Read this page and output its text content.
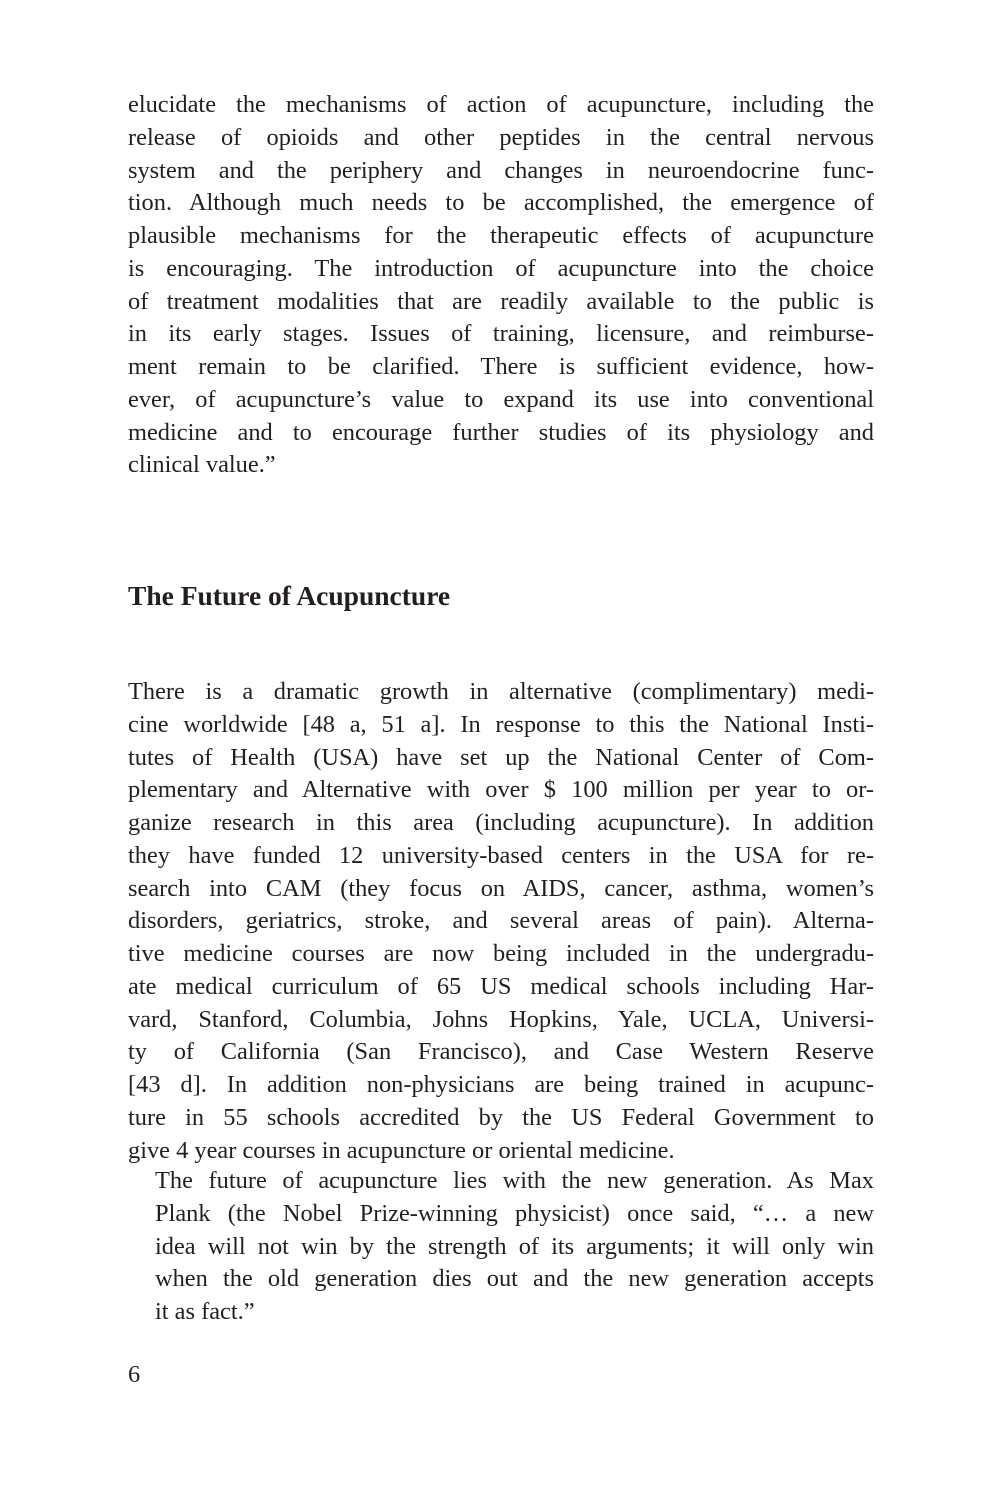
elucidate the mechanisms of action of acupuncture, including the
release of opioids and other peptides in the central nervous
system and the periphery and changes in neuroendocrine func-
tion. Although much needs to be accomplished, the emergence of
plausible mechanisms for the therapeutic effects of acupuncture
is encouraging. The introduction of acupuncture into the choice
of treatment modalities that are readily available to the public is
in its early stages. Issues of training, licensure, and reimburse-
ment remain to be clarified. There is sufficient evidence, how-
ever, of acupuncture’s value to expand its use into conventional
medicine and to encourage further studies of its physiology and
clinical value.”
The Future of Acupuncture
There is a dramatic growth in alternative (complimentary) medi-
cine worldwide [48 a, 51 a]. In response to this the National Insti-
tutes of Health (USA) have set up the National Center of Com-
plementary and Alternative with over $ 100 million per year to or-
ganize research in this area (including acupuncture). In addition
they have funded 12 university-based centers in the USA for re-
search into CAM (they focus on AIDS, cancer, asthma, women’s
disorders, geriatrics, stroke, and several areas of pain). Alterna-
tive medicine courses are now being included in the undergradu-
ate medical curriculum of 65 US medical schools including Har-
vard, Stanford, Columbia, Johns Hopkins, Yale, UCLA, Universi-
ty of California (San Francisco), and Case Western Reserve
[43 d]. In addition non-physicians are being trained in acupunc-
ture in 55 schools accredited by the US Federal Government to
give 4 year courses in acupuncture or oriental medicine.
The future of acupuncture lies with the new generation. As Max
Plank (the Nobel Prize-winning physicist) once said, “… a new
idea will not win by the strength of its arguments; it will only win
when the old generation dies out and the new generation accepts
it as fact.”
6
